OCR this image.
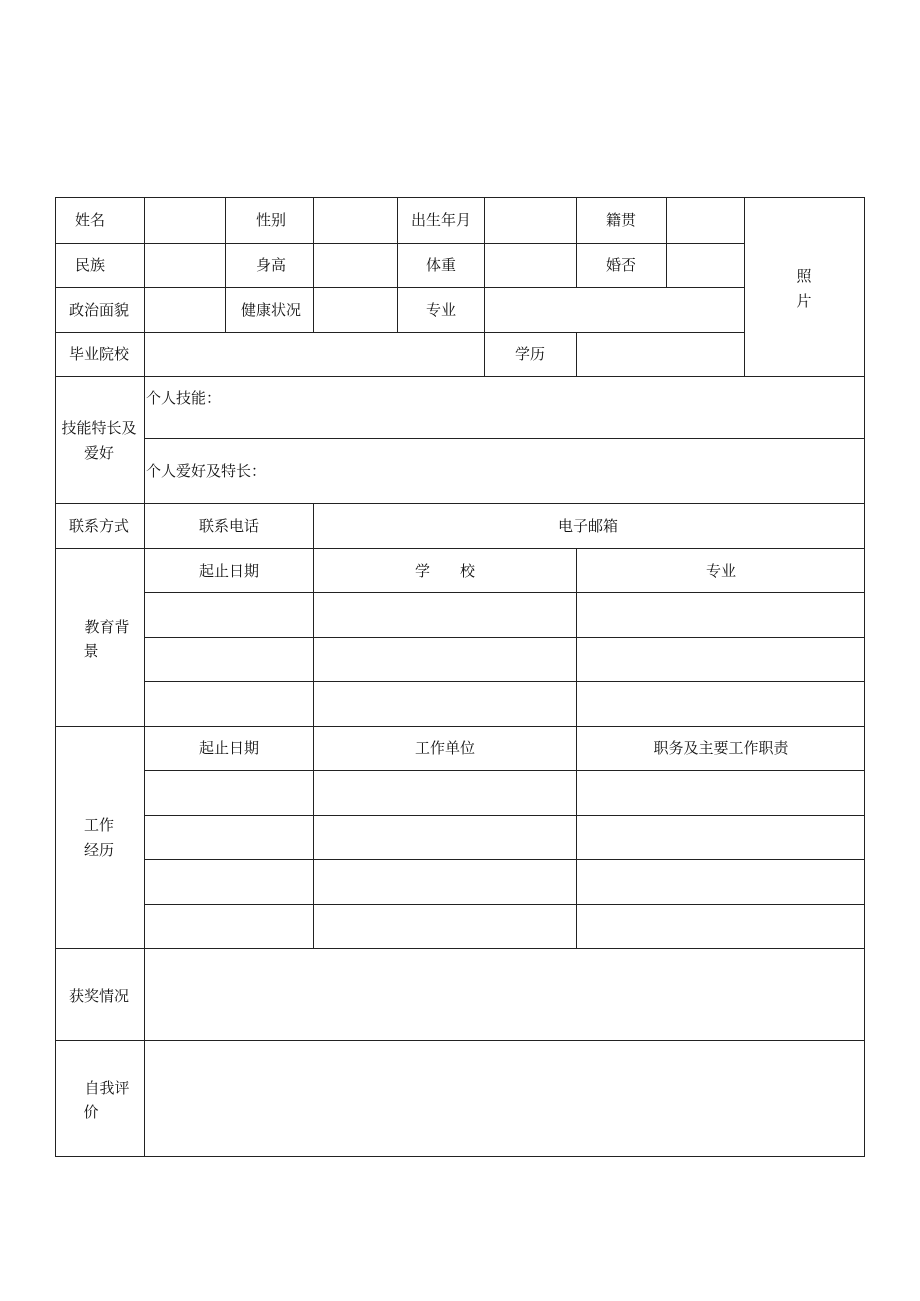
姓名	性别	出生年月	籍贯
民族	身高	体重	婚否
政治面貌	健康状况	专业
毕业院校	学历
照
片
技能特长及
爱好
个人技能：
个人爱好及特长：
联系方式	联系电话	电子邮箱
教育背
景
起止日期	学　　校	专业
工作
经历
起止日期	工作单位	职务及主要工作职责
获奖情况
自我评
价
